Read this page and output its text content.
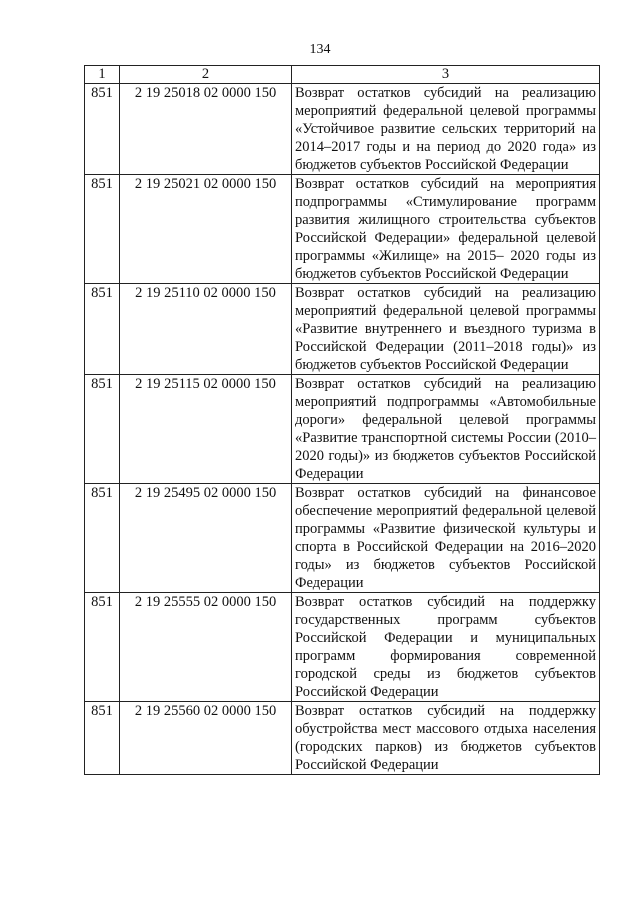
134
1	2	3
851	2 19 25018 02 0000 150	Возврат остатков субсидий на реализацию мероприятий федеральной целевой программы «Устойчивое развитие сельских территорий на 2014–2017 годы и на период до 2020 года» из бюджетов субъектов Российской Федерации
851	2 19 25021 02 0000 150	Возврат остатков субсидий на мероприятия подпрограммы «Стимулирование программ развития жилищного строительства субъектов Российской Федерации» федеральной целевой программы «Жилище» на 2015– 2020 годы из бюджетов субъектов Российской Федерации
851	2 19 25110 02 0000 150	Возврат остатков субсидий на реализацию мероприятий федеральной целевой программы «Развитие внутреннего и въездного туризма в Российской Федерации (2011–2018 годы)» из бюджетов субъектов Российской Федерации
851	2 19 25115 02 0000 150	Возврат остатков субсидий на реализацию мероприятий подпрограммы «Автомобильные дороги» федеральной целевой программы «Развитие транспортной системы России (2010–2020 годы)» из бюджетов субъектов Российской Федерации
851	2 19 25495 02 0000 150	Возврат остатков субсидий на финансовое обеспечение мероприятий федеральной целевой программы «Развитие физической культуры и спорта в Российской Федерации на 2016–2020 годы» из бюджетов субъектов Российской Федерации
851	2 19 25555 02 0000 150	Возврат остатков субсидий на поддержку государственных программ субъектов Российской Федерации и муниципальных программ формирования современной городской среды из бюджетов субъектов Российской Федерации
851	2 19 25560 02 0000 150	Возврат остатков субсидий на поддержку обустройства мест массового отдыха населения (городских парков) из бюджетов субъектов Российской Федерации
